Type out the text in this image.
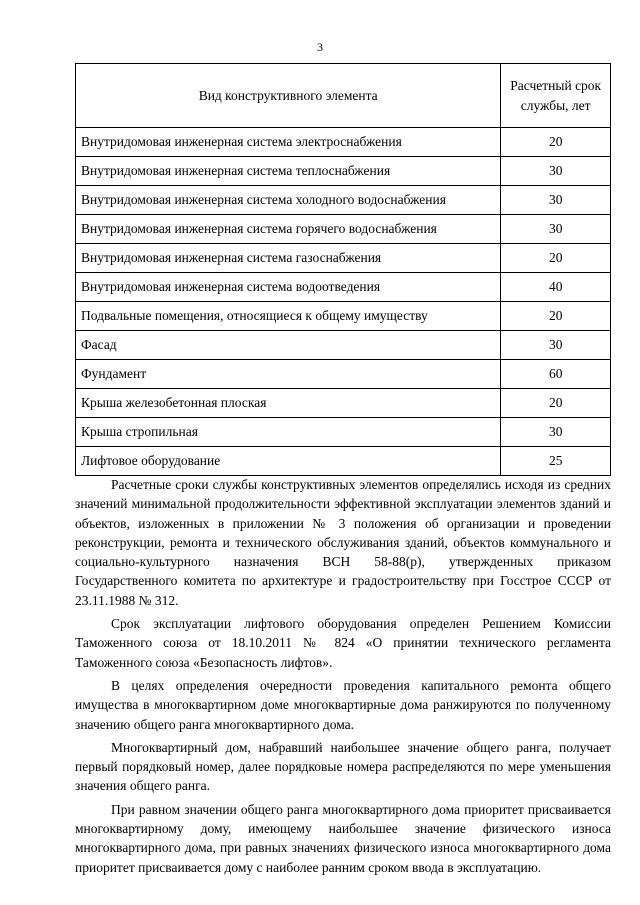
3
Вид конструктивного элемента	Расчетный срок службы, лет
Внутридомовая инженерная система электроснабжения	20
Внутридомовая инженерная система теплоснабжения	30
Внутридомовая инженерная система холодного водоснабжения	30
Внутридомовая инженерная система горячего водоснабжения	30
Внутридомовая инженерная система газоснабжения	20
Внутридомовая инженерная система водоотведения	40
Подвальные помещения, относящиеся к общему имуществу	20
Фасад	30
Фундамент	60
Крыша железобетонная плоская	20
Крыша стропильная	30
Лифтовое оборудование	25

Расчетные сроки службы конструктивных элементов определялись исходя из средних значений минимальной продолжительности эффективной эксплуатации элементов зданий и объектов, изложенных в приложении № 3 положения об организации и проведении реконструкции, ремонта и технического обслуживания зданий, объектов коммунального и социально-культурного назначения ВСН 58-88(р), утвержденных приказом Государственного комитета по архитектуре и градостроительству при Госстрое СССР от 23.11.1988 № 312.

Срок эксплуатации лифтового оборудования определен Решением Комиссии Таможенного союза от 18.10.2011 № 824 «О принятии технического регламента Таможенного союза «Безопасность лифтов».

В целях определения очередности проведения капитального ремонта общего имущества в многоквартирном доме многоквартирные дома ранжируются по полученному значению общего ранга многоквартирного дома.

Многоквартирный дом, набравший наибольшее значение общего ранга, получает первый порядковый номер, далее порядковые номера распределяются по мере уменьшения значения общего ранга.

При равном значении общего ранга многоквартирного дома приоритет присваивается многоквартирному дому, имеющему наибольшее значение физического износа многоквартирного дома, при равных значениях физического износа многоквартирного дома приоритет присваивается дому с наиболее ранним сроком ввода в эксплуатацию.
